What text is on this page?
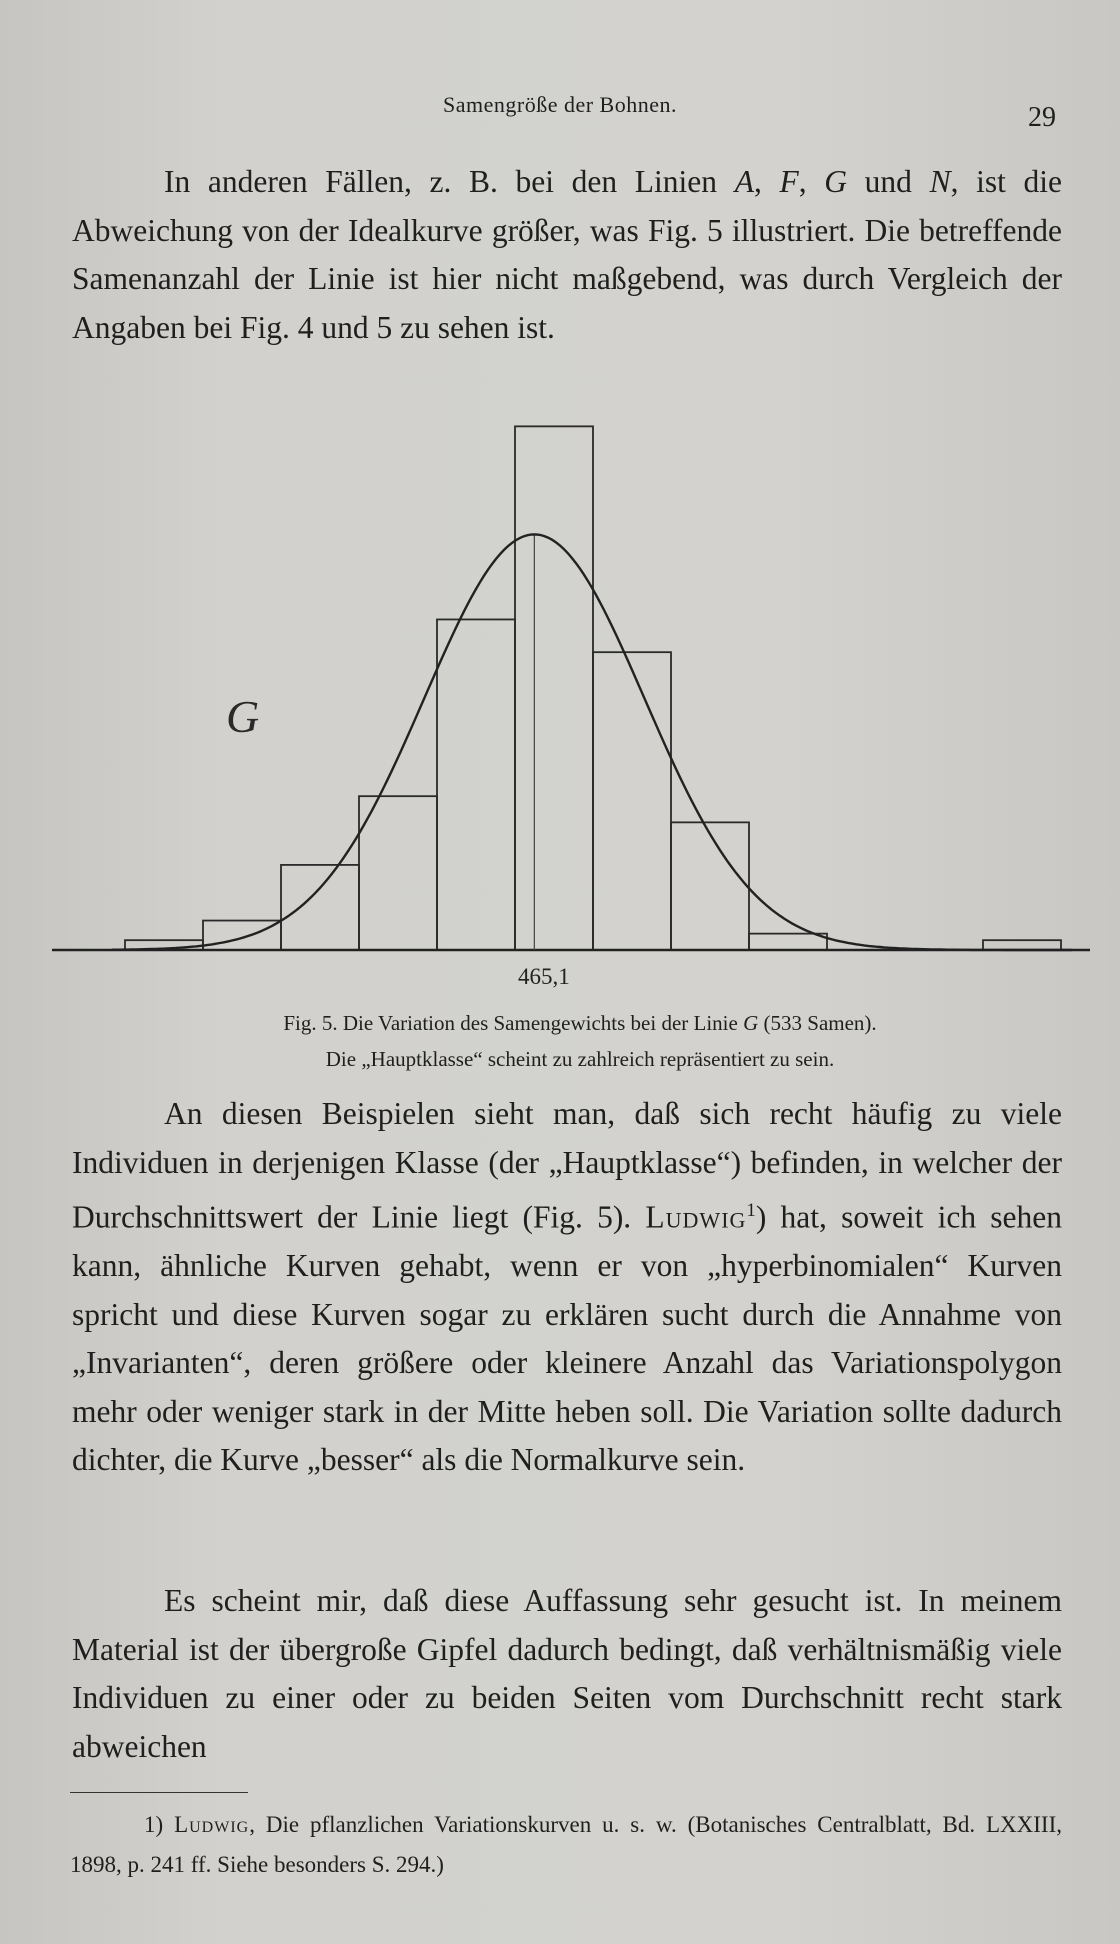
Samengröße der Bohnen.	29

In anderen Fällen, z. B. bei den Linien A, F, G und N, ist die Abweichung von der Idealkurve größer, was Fig. 5 illustriert. Die betreffende Samenanzahl der Linie ist hier nicht maßgebend, was durch Vergleich der Angaben bei Fig. 4 und 5 zu sehen ist.

G
465,1
Fig. 5. Die Variation des Samengewichts bei der Linie G (533 Samen).
Die „Hauptklasse“ scheint zu zahlreich repräsentiert zu sein.

An diesen Beispielen sieht man, daß sich recht häufig zu viele Individuen in derjenigen Klasse (der „Hauptklasse“) befinden, in welcher der Durchschnittswert der Linie liegt (Fig. 5). Ludwig$^1$) hat, soweit ich sehen kann, ähnliche Kurven gehabt, wenn er von „hyperbinomialen“ Kurven spricht und diese Kurven sogar zu erklären sucht durch die Annahme von „Invarianten“, deren größere oder kleinere Anzahl das Variationspolygon mehr oder weniger stark in der Mitte heben soll. Die Variation sollte dadurch dichter, die Kurve „besser“ als die Normalkurve sein.

Es scheint mir, daß diese Auffassung sehr gesucht ist. In meinem Material ist der übergroße Gipfel dadurch bedingt, daß verhältnismäßig viele Individuen zu einer oder zu beiden Seiten vom Durchschnitt recht stark abweichen

1) Ludwig, Die pflanzlichen Variationskurven u. s. w. (Botanisches Centralblatt, Bd. LXXIII, 1898, p. 241 ff. Siehe besonders S. 294.)
